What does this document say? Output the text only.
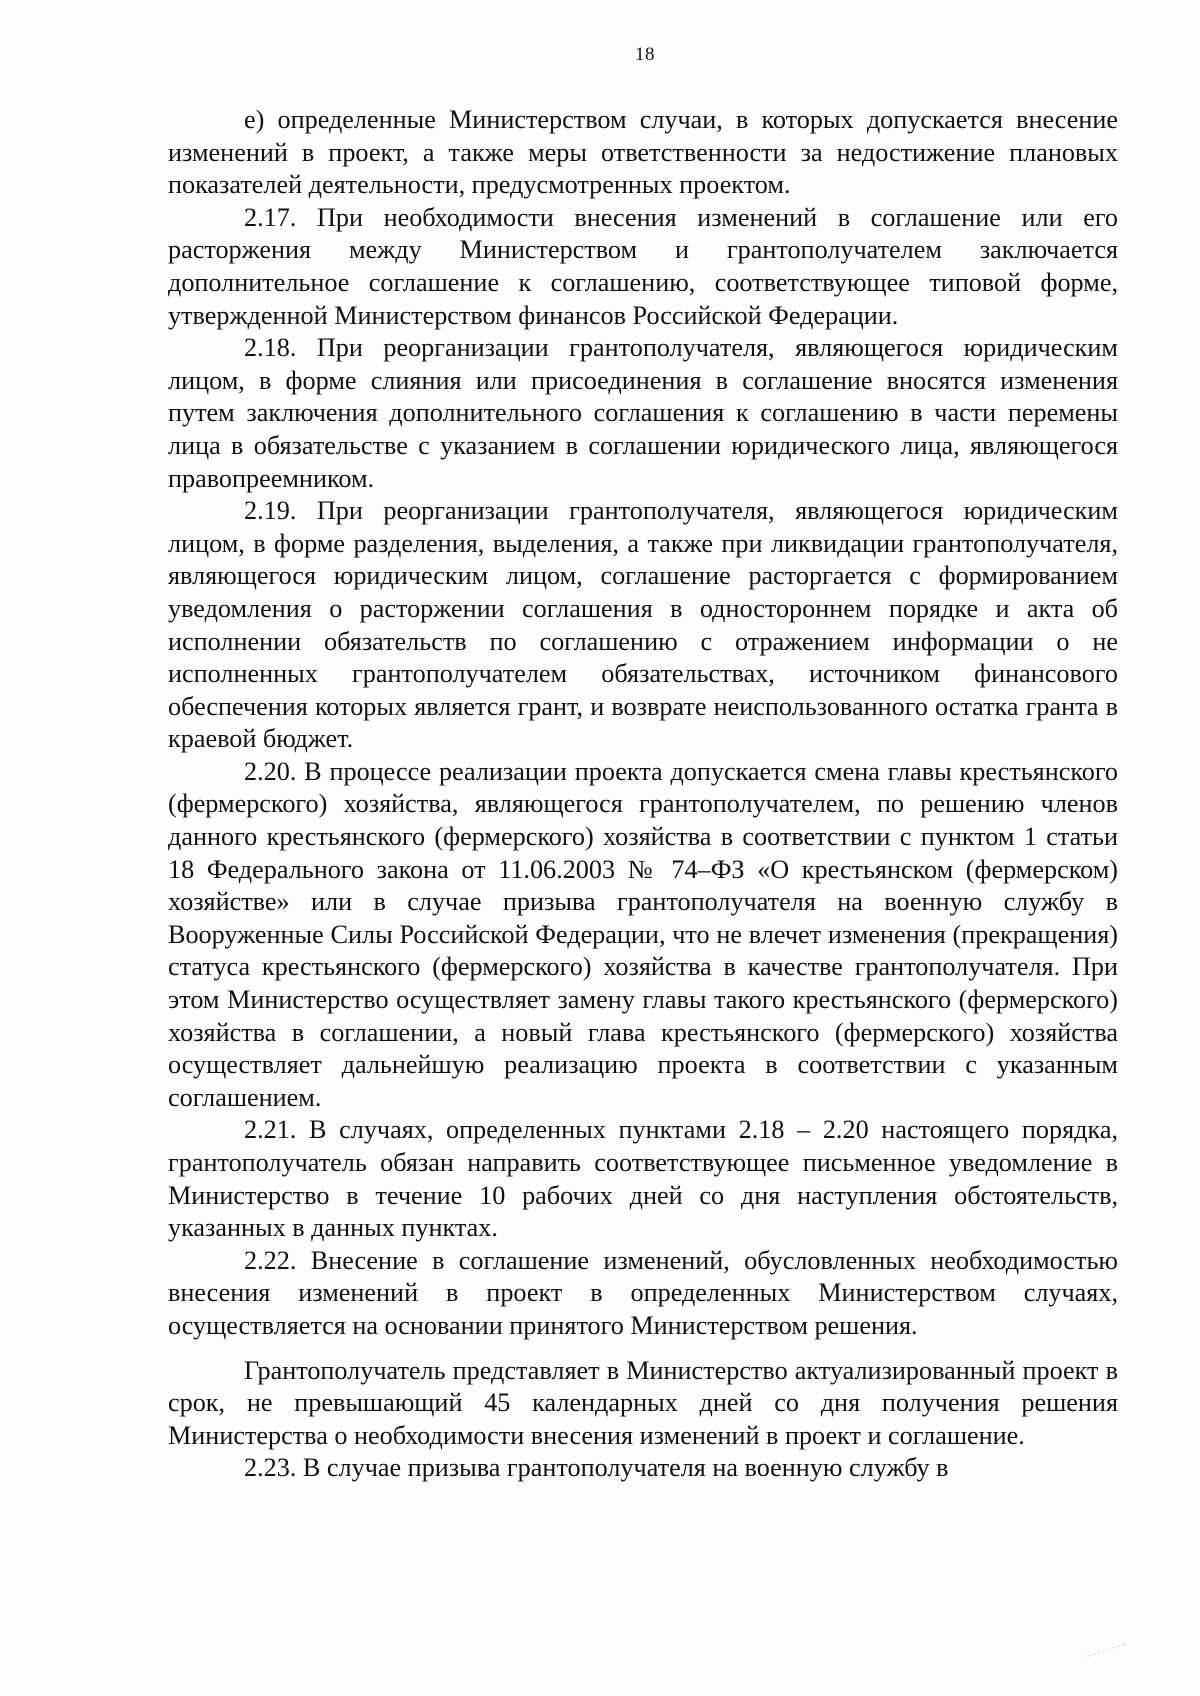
18

е) определенные Министерством случаи, в которых допускается внесение изменений в проект, а также меры ответственности за недостижение плановых показателей деятельности, предусмотренных проектом.

2.17. При необходимости внесения изменений в соглашение или его расторжения между Министерством и грантополучателем заключается дополнительное соглашение к соглашению, соответствующее типовой форме, утвержденной Министерством финансов Российской Федерации.

2.18. При реорганизации грантополучателя, являющегося юридическим лицом, в форме слияния или присоединения в соглашение вносятся изменения путем заключения дополнительного соглашения к соглашению в части перемены лица в обязательстве с указанием в соглашении юридического лица, являющегося правопреемником.

2.19. При реорганизации грантополучателя, являющегося юридическим лицом, в форме разделения, выделения, а также при ликвидации грантополучателя, являющегося юридическим лицом, соглашение расторгается с формированием уведомления о расторжении соглашения в одностороннем порядке и акта об исполнении обязательств по соглашению с отражением информации о не исполненных грантополучателем обязательствах, источником финансового обеспечения которых является грант, и возврате неиспользованного остатка гранта в краевой бюджет.

2.20. В процессе реализации проекта допускается смена главы крестьянского (фермерского) хозяйства, являющегося грантополучателем, по решению членов данного крестьянского (фермерского) хозяйства в соответствии с пунктом 1 статьи 18 Федерального закона от 11.06.2003 № 74–ФЗ «О крестьянском (фермерском) хозяйстве» или в случае призыва грантополучателя на военную службу в Вооруженные Силы Российской Федерации, что не влечет изменения (прекращения) статуса крестьянского (фермерского) хозяйства в качестве грантополучателя. При этом Министерство осуществляет замену главы такого крестьянского (фермерского) хозяйства в соглашении, а новый глава крестьянского (фермерского) хозяйства осуществляет дальнейшую реализацию проекта в соответствии с указанным соглашением.

2.21. В случаях, определенных пунктами 2.18 – 2.20 настоящего порядка, грантополучатель обязан направить соответствующее письменное уведомление в Министерство в течение 10 рабочих дней со дня наступления обстоятельств, указанных в данных пунктах.

2.22. Внесение в соглашение изменений, обусловленных необходимостью внесения изменений в проект в определенных Министерством случаях, осуществляется на основании принятого Министерством решения.

Грантополучатель представляет в Министерство актуализированный проект в срок, не превышающий 45 календарных дней со дня получения решения Министерства о необходимости внесения изменений в проект и соглашение.

2.23. В случае призыва грантополучателя на военную службу в
